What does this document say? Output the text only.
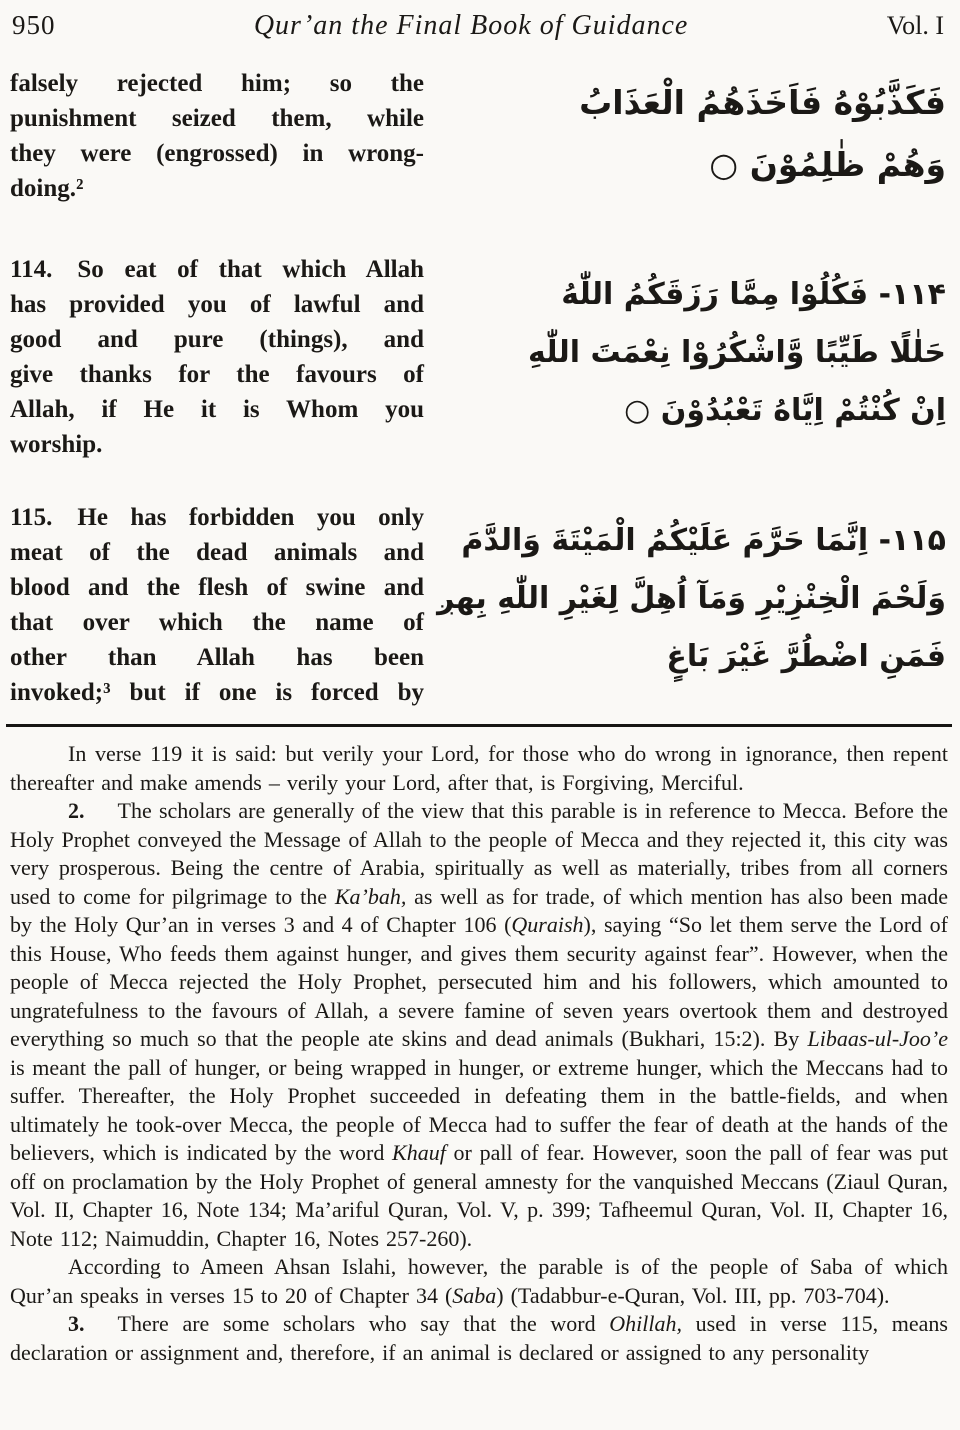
950	Qur’an the Final Book of Guidance	Vol. I
falsely rejected him; so the
punishment seized them, while
they were (engrossed) in wrong-
doing.²
فَكَذَّبُوْهُ فَاَخَذَهُمُ الْعَذَابُ
وَهُمْ ظٰلِمُوْنَ ○
114. So eat of that which Allah
has provided you of lawful and
good and pure (things), and
give thanks for the favours of
Allah, if He it is Whom you
worship.
۱۱۴- فَكُلُوْا مِمَّا رَزَقَكُمُ اللّٰهُ
حَلٰلًا طَيِّبًا وَّاشْكُرُوْا نِعْمَتَ اللّٰهِ
اِنْ كُنْتُمْ اِيَّاهُ تَعْبُدُوْنَ ○
115. He has forbidden you only
meat of the dead animals and
blood and the flesh of swine and
that over which the name of
other than Allah has been
invoked;³ but if one is forced by
۱۱۵- اِنَّمَا حَرَّمَ عَلَيْكُمُ الْمَيْتَةَ وَالدَّمَ
وَلَحْمَ الْخِنْزِيْرِ وَمَآ اُهِلَّ لِغَيْرِ اللّٰهِ بِهږ
فَمَنِ اضْطُرَّ غَيْرَ بَاغٍ

In verse 119 it is said: but verily your Lord, for those who do wrong in ignorance, then repent thereafter and make amends – verily your Lord, after that, is Forgiving, Merciful.

2. The scholars are generally of the view that this parable is in reference to Mecca. Before the Holy Prophet conveyed the Message of Allah to the people of Mecca and they rejected it, this city was very prosperous. Being the centre of Arabia, spiritually as well as materially, tribes from all corners used to come for pilgrimage to the Ka’bah, as well as for trade, of which mention has also been made by the Holy Qur’an in verses 3 and 4 of Chapter 106 (Quraish), saying “So let them serve the Lord of this House, Who feeds them against hunger, and gives them security against fear”. However, when the people of Mecca rejected the Holy Prophet, persecuted him and his followers, which amounted to ungratefulness to the favours of Allah, a severe famine of seven years overtook them and destroyed everything so much so that the people ate skins and dead animals (Bukhari, 15:2). By Libaas-ul-Joo’e is meant the pall of hunger, or being wrapped in hunger, or extreme hunger, which the Meccans had to suffer. Thereafter, the Holy Prophet succeeded in defeating them in the battle-fields, and when ultimately he took-over Mecca, the people of Mecca had to suffer the fear of death at the hands of the believers, which is indicated by the word Khauf or pall of fear. However, soon the pall of fear was put off on proclamation by the Holy Prophet of general amnesty for the vanquished Meccans (Ziaul Quran, Vol. II, Chapter 16, Note 134; Ma’ariful Quran, Vol. V, p. 399; Tafheemul Quran, Vol. II, Chapter 16, Note 112; Naimuddin, Chapter 16, Notes 257-260).

According to Ameen Ahsan Islahi, however, the parable is of the people of Saba of which Qur’an speaks in verses 15 to 20 of Chapter 34 (Saba) (Tadabbur-e-Quran, Vol. III, pp. 703-704).

3. There are some scholars who say that the word Ohillah, used in verse 115, means declaration or assignment and, therefore, if an animal is declared or assigned to any personality
